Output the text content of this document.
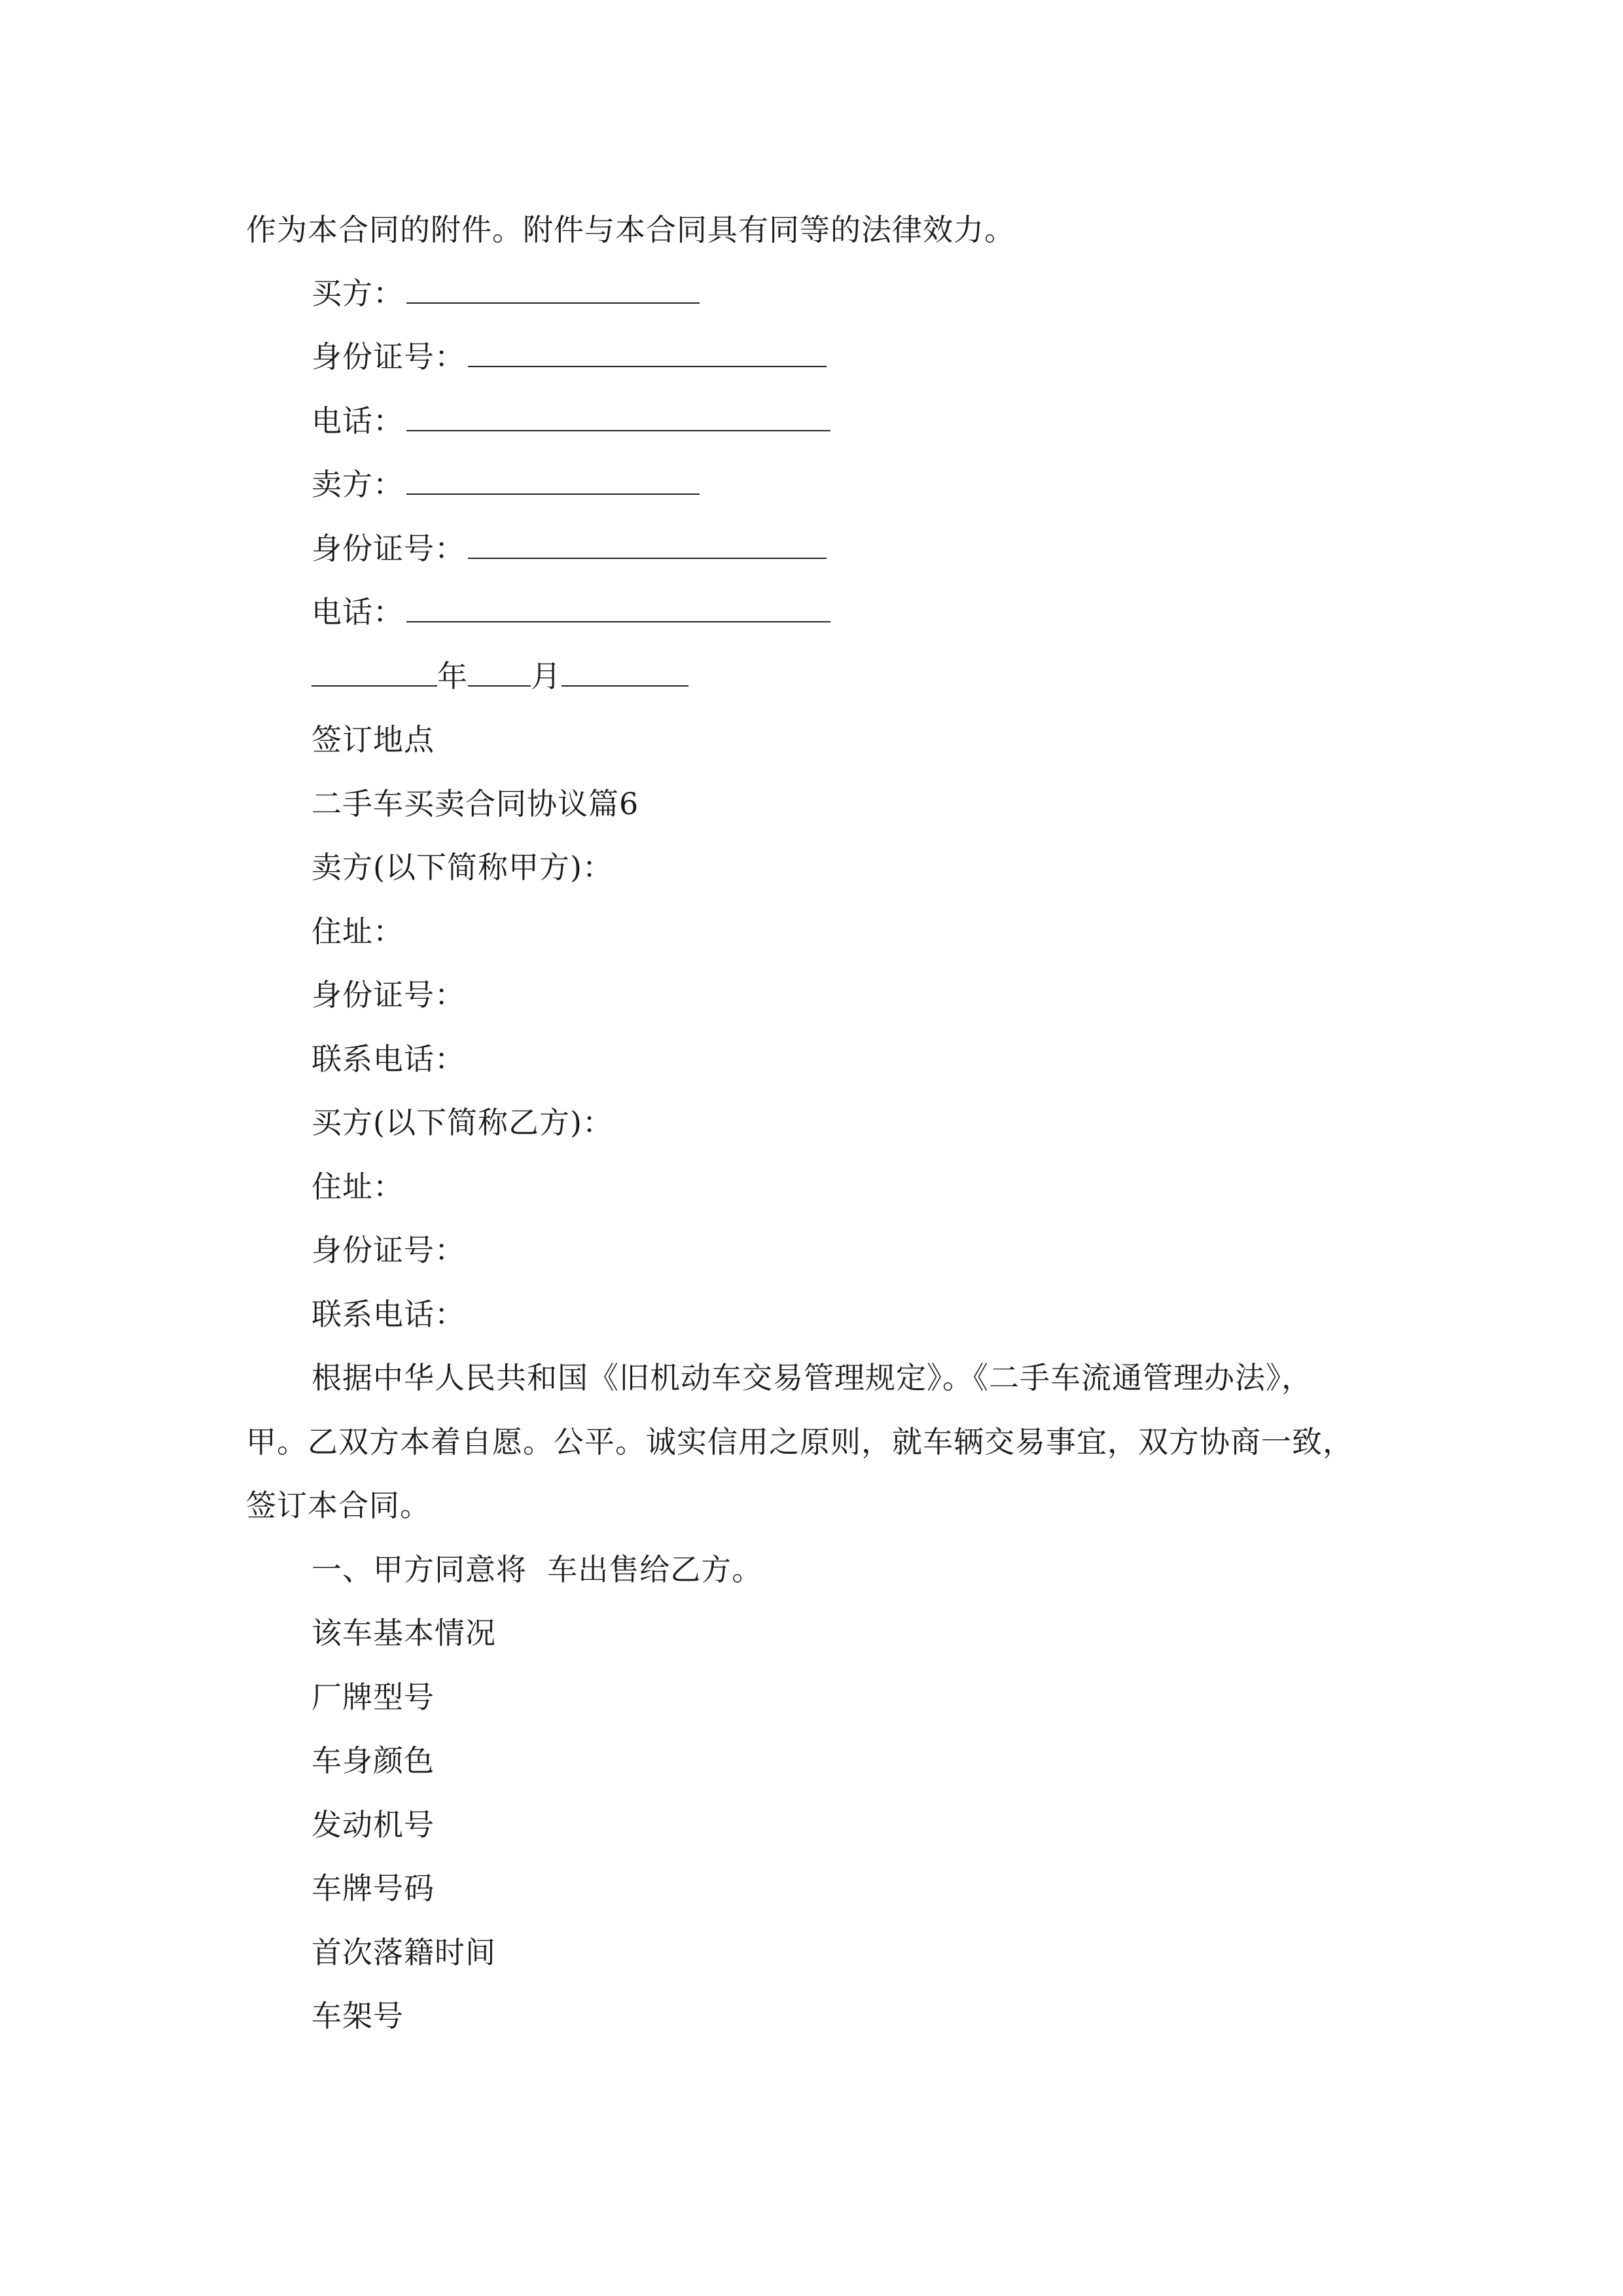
作为本合同的附件。附件与本合同具有同等的法律效力。
买方：
身份证号：
电话：
卖方：
身份证号：
电话：
年 月
签订地点
二手车买卖合同协议篇6
卖方(以下简称甲方)：
住址：
身份证号：
联系电话：
买方(以下简称乙方)：
住址：
身份证号：
联系电话：
根据中华人民共和国《旧机动车交易管理规定》。《二手车流通管理办法》，
甲。乙双方本着自愿。公平。诚实信用之原则，就车辆交易事宜，双方协商一致，
签订本合同。
一、甲方同意将  车出售给乙方。
该车基本情况
厂牌型号
车身颜色
发动机号
车牌号码
首次落籍时间
车架号
